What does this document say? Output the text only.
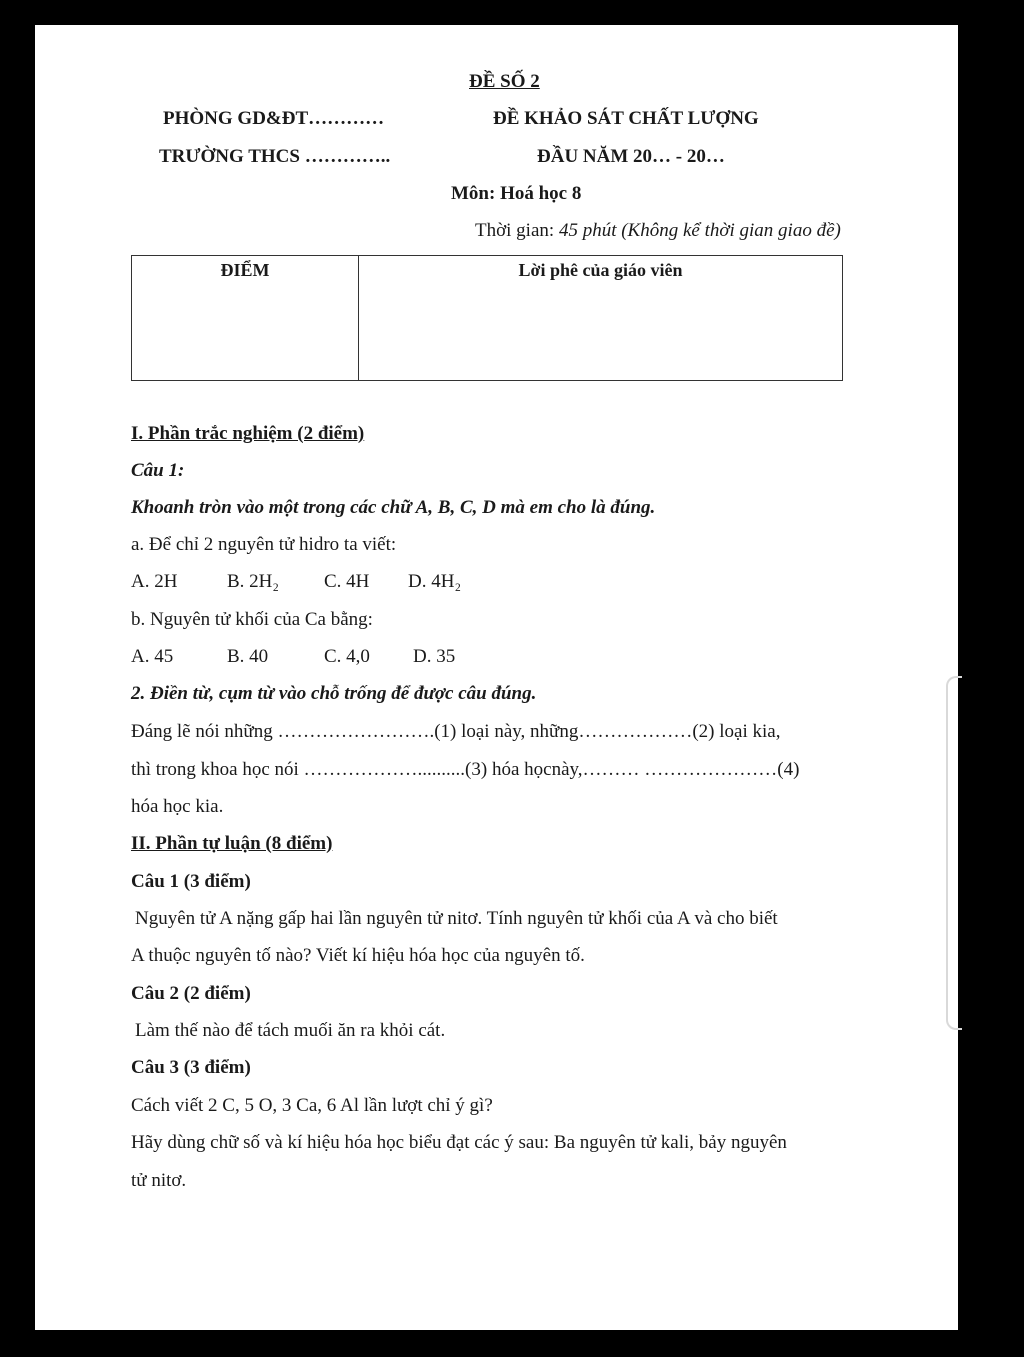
ĐỀ SỐ 2
PHÒNG GD&ĐT…………	ĐỀ KHẢO SÁT CHẤT LƯỢNG
TRƯỜNG THCS …………..	ĐẦU NĂM 20… - 20…
Môn: Hoá học 8
Thời gian: 45 phút (Không kể thời gian giao đề)
ĐIỂM	Lời phê của giáo viên
I. Phần trắc nghiệm (2 điểm)
Câu 1:
Khoanh tròn vào một trong các chữ A, B, C, D mà em cho là đúng.
a. Để chỉ 2 nguyên tử hidro ta viết:
A. 2H	B. 2H₂ C. 4H D. 4H₂
b. Nguyên tử khối của Ca bằng:
A. 45	B. 40	C. 4,0 D. 35
2. Điền từ, cụm từ vào chỗ trống để được câu đúng.
Đáng lẽ nói những …………………….(1) loại này, những………………(2) loại kia,
thì trong khoa học nói ………………..........(3) hóa họcnày,……… …………………(4)
hóa học kia.
II. Phần tự luận (8 điểm)
Câu 1 (3 điểm)
Nguyên tử A nặng gấp hai lần nguyên tử nitơ. Tính nguyên tử khối của A và cho biết
A thuộc nguyên tố nào? Viết kí hiệu hóa học của nguyên tố.
Câu 2 (2 điểm)
Làm thế nào để tách muối ăn ra khỏi cát.
Câu 3 (3 điểm)
Cách viết 2 C, 5 O, 3 Ca, 6 Al lần lượt chỉ ý gì?
Hãy dùng chữ số và kí hiệu hóa học biểu đạt các ý sau: Ba nguyên tử kali, bảy nguyên
tử nitơ.
